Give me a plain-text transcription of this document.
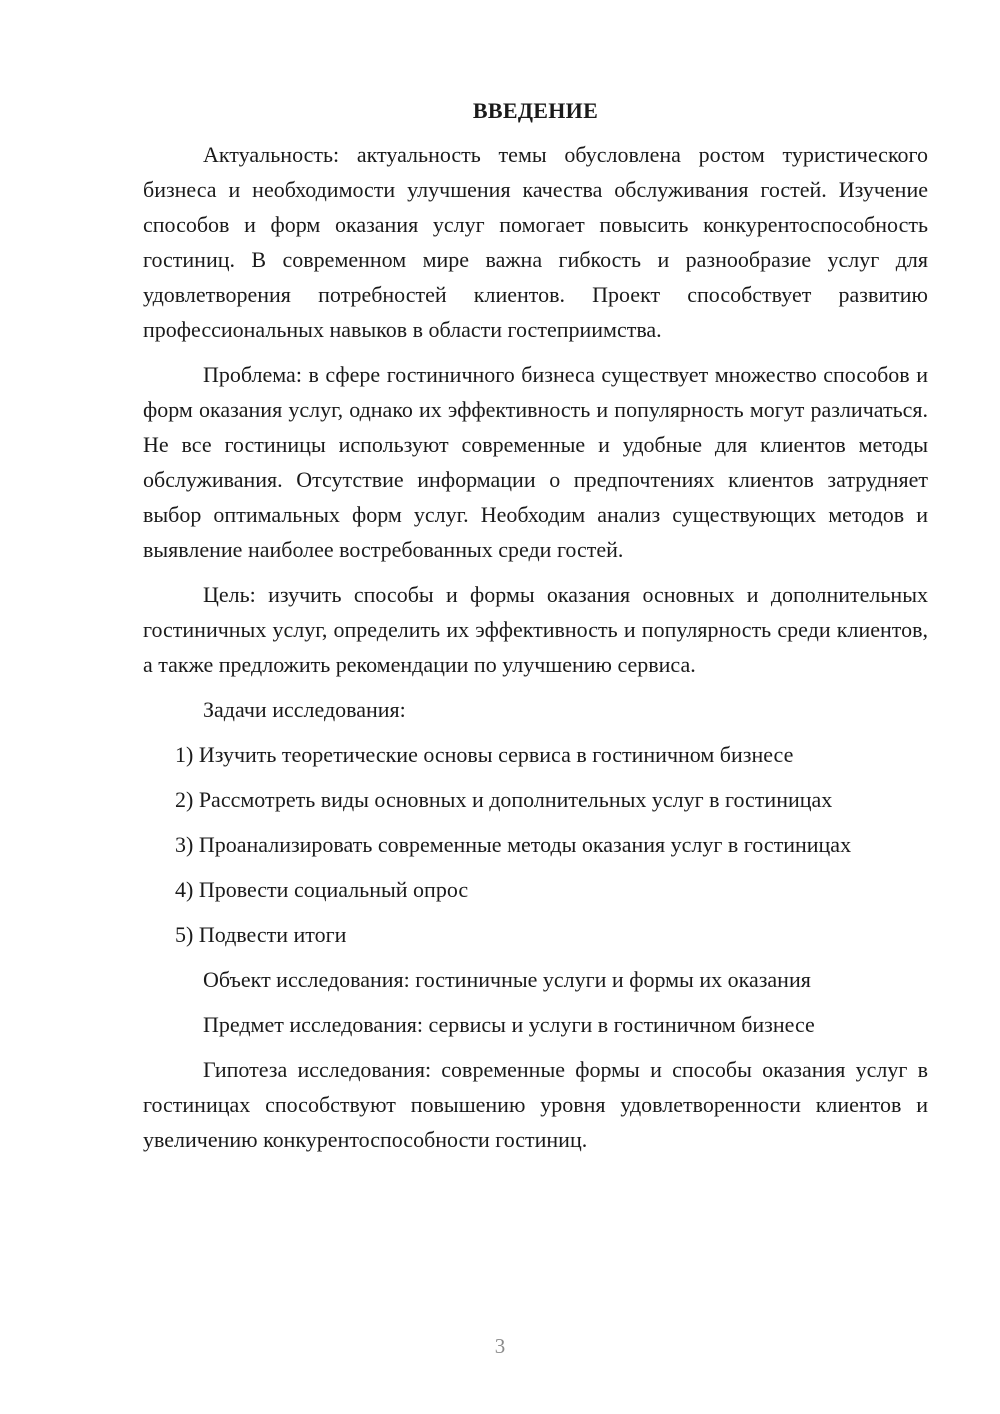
ВВЕДЕНИЕ

Актуальность: актуальность темы обусловлена ростом туристического бизнеса и необходимости улучшения качества обслуживания гостей. Изучение способов и форм оказания услуг помогает повысить конкурентоспособность гостиниц. В современном мире важна гибкость и разнообразие услуг для удовлетворения потребностей клиентов. Проект способствует развитию профессиональных навыков в области гостеприимства.

Проблема: в сфере гостиничного бизнеса существует множество способов и форм оказания услуг, однако их эффективность и популярность могут различаться. Не все гостиницы используют современные и удобные для клиентов методы обслуживания. Отсутствие информации о предпочтениях клиентов затрудняет выбор оптимальных форм услуг. Необходим анализ существующих методов и выявление наиболее востребованных среди гостей.

Цель: изучить способы и формы оказания основных и дополнительных гостиничных услуг, определить их эффективность и популярность среди клиентов, а также предложить рекомендации по улучшению сервиса.

Задачи исследования:

1) Изучить теоретические основы сервиса в гостиничном бизнесе

2) Рассмотреть виды основных и дополнительных услуг в гостиницах

3) Проанализировать современные методы оказания услуг в гостиницах

4) Провести социальный опрос

5) Подвести итоги

Объект исследования: гостиничные услуги и формы их оказания

Предмет исследования: сервисы и услуги в гостиничном бизнесе

Гипотеза исследования: современные формы и способы оказания услуг в гостиницах способствуют повышению уровня удовлетворенности клиентов и увеличению конкурентоспособности гостиниц.

3
